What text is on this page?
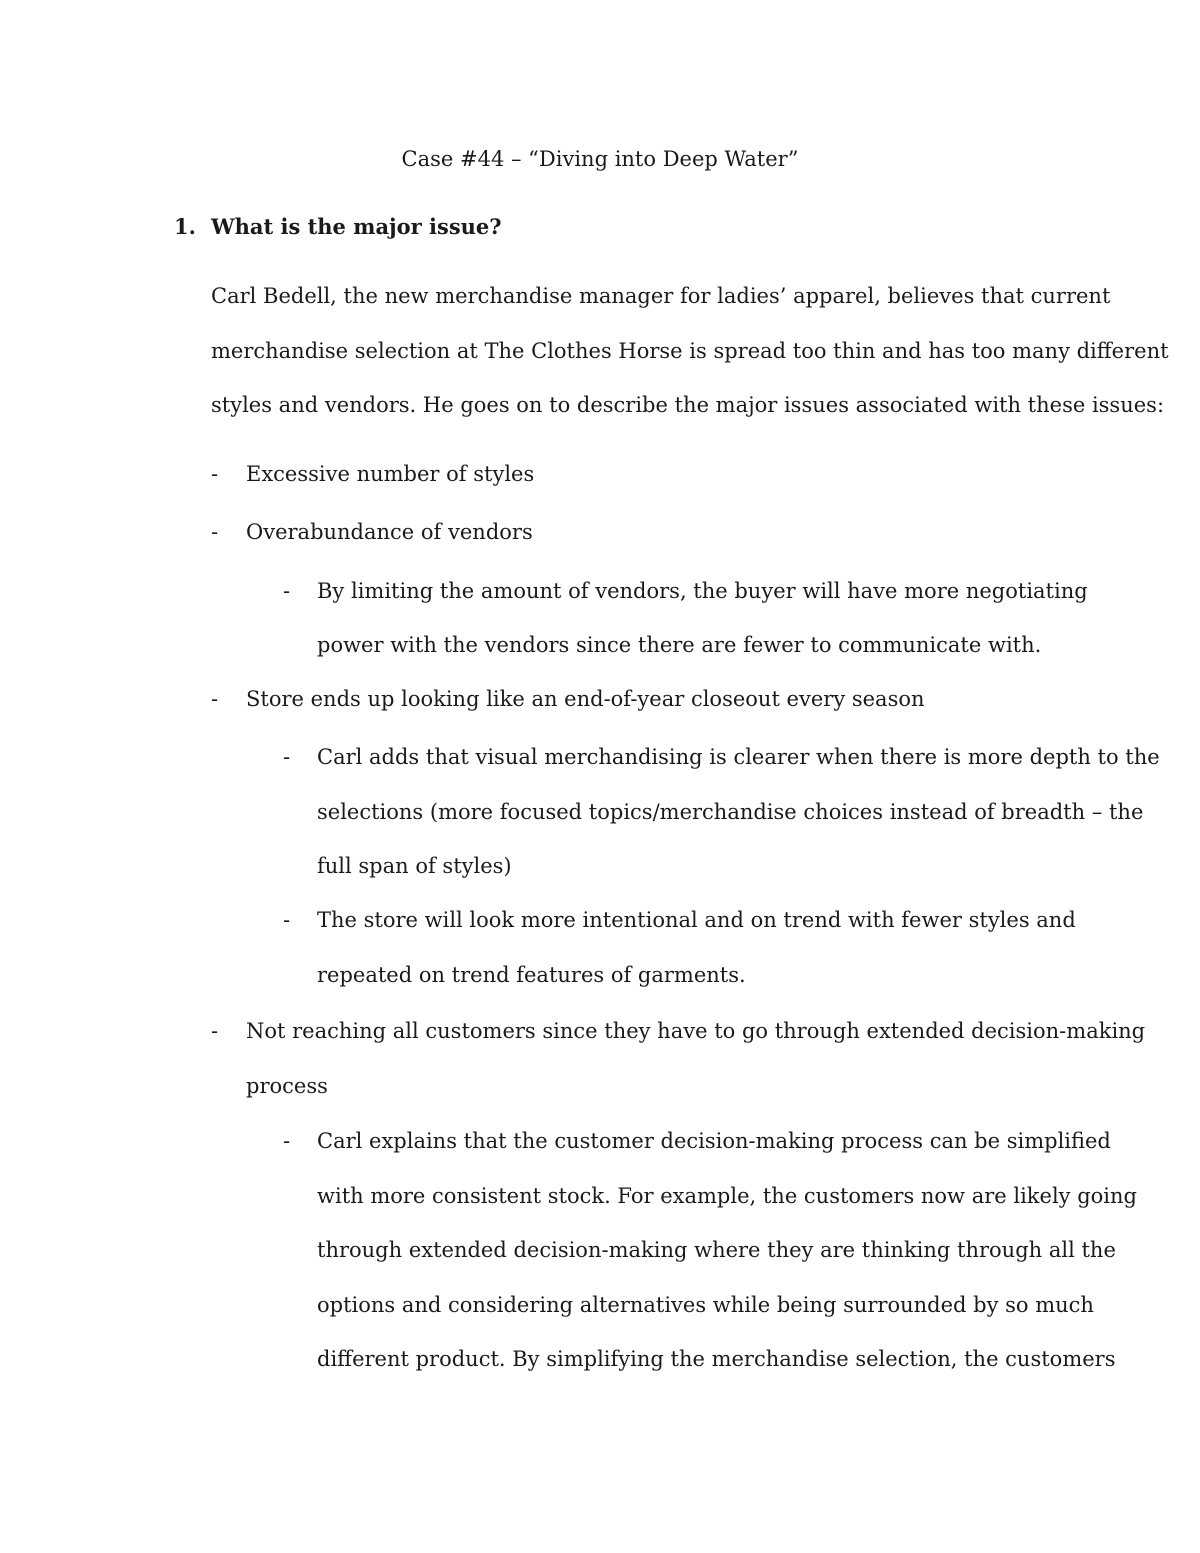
Case #44 – “Diving into Deep Water”
1. What is the major issue?
Carl Bedell, the new merchandise manager for ladies’ apparel, believes that current
merchandise selection at The Clothes Horse is spread too thin and has too many different
styles and vendors. He goes on to describe the major issues associated with these issues:
- Excessive number of styles
- Overabundance of vendors
- By limiting the amount of vendors, the buyer will have more negotiating
power with the vendors since there are fewer to communicate with.
- Store ends up looking like an end-of-year closeout every season
- Carl adds that visual merchandising is clearer when there is more depth to the
selections (more focused topics/merchandise choices instead of breadth – the
full span of styles)
- The store will look more intentional and on trend with fewer styles and
repeated on trend features of garments.
- Not reaching all customers since they have to go through extended decision-making
process
- Carl explains that the customer decision-making process can be simplified
with more consistent stock. For example, the customers now are likely going
through extended decision-making where they are thinking through all the
options and considering alternatives while being surrounded by so much
different product. By simplifying the merchandise selection, the customers
